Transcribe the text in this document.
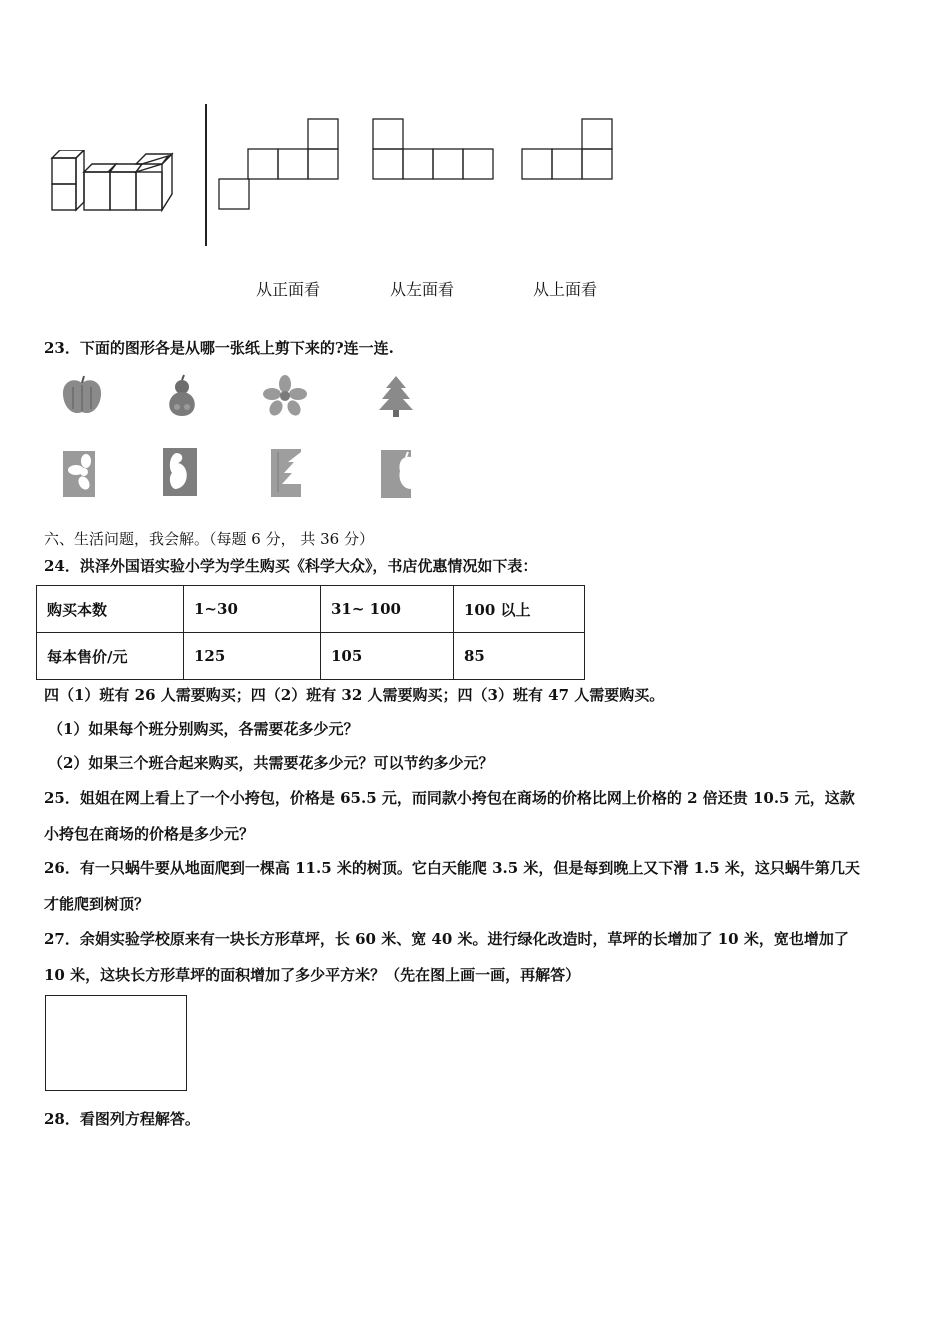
从正面看	从左面看	从上面看
23．下面的图形各是从哪一张纸上剪下来的?连一连.
六、生活问题，我会解。（每题 6 分， 共 36 分）
24．洪泽外国语实验小学为学生购买《科学大众》，书店优惠情况如下表：
购买本数	1~30	31~ 100	100 以上
每本售价/元	125	105	85
四（1）班有 26 人需要购买；四（2）班有 32 人需要购买；四（3）班有 47 人需要购买。
（1）如果每个班分别购买，各需要花多少元？
（2）如果三个班合起来购买，共需要花多少元？可以节约多少元？
25．姐姐在网上看上了一个小挎包，价格是 65.5 元，而同款小挎包在商场的价格比网上价格的 2 倍还贵 10.5 元，这款
小挎包在商场的价格是多少元？
26．有一只蜗牛要从地面爬到一棵高 11.5 米的树顶。它白天能爬 3.5 米，但是每到晚上又下滑 1.5 米，这只蜗牛第几天
才能爬到树顶？
27．余娟实验学校原来有一块长方形草坪，长 60 米、宽 40 米。进行绿化改造时，草坪的长增加了 10 米，宽也增加了
10 米，这块长方形草坪的面积增加了多少平方米？（先在图上画一画，再解答）
28．看图列方程解答。
